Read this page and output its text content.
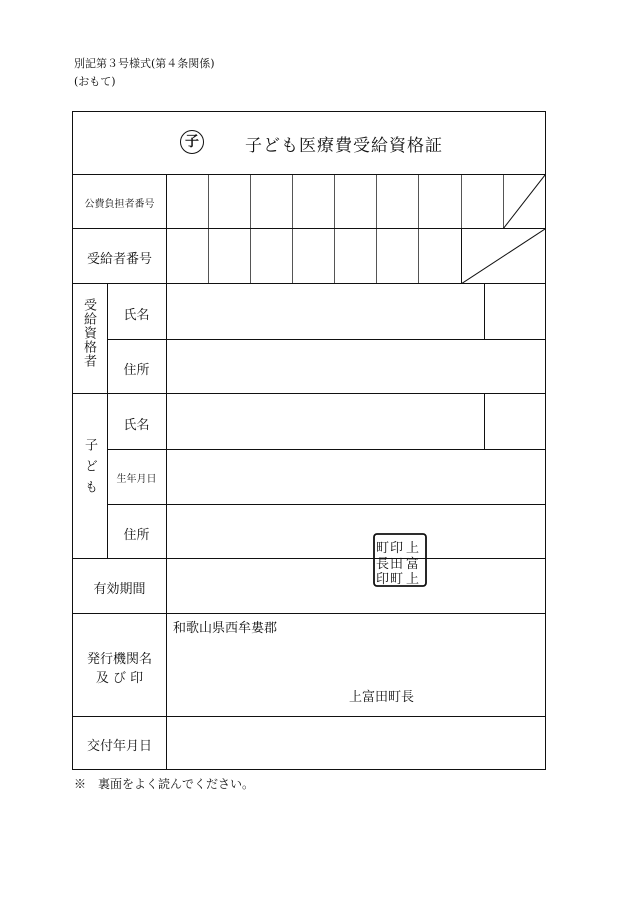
別記第３号様式(第４条関係)
(おもて)
子	子ども医療費受給資格証
公費負担者番号
受給者番号
受給資格者	氏名
住所
子ども
氏名
生年月日
住所
有効期間
発行機関名
及 び 印
和歌山県西牟婁郡
上富田町長
交付年月日
町 印 上
長 田 富
印 町 上
※　裏面をよく読んでください。
